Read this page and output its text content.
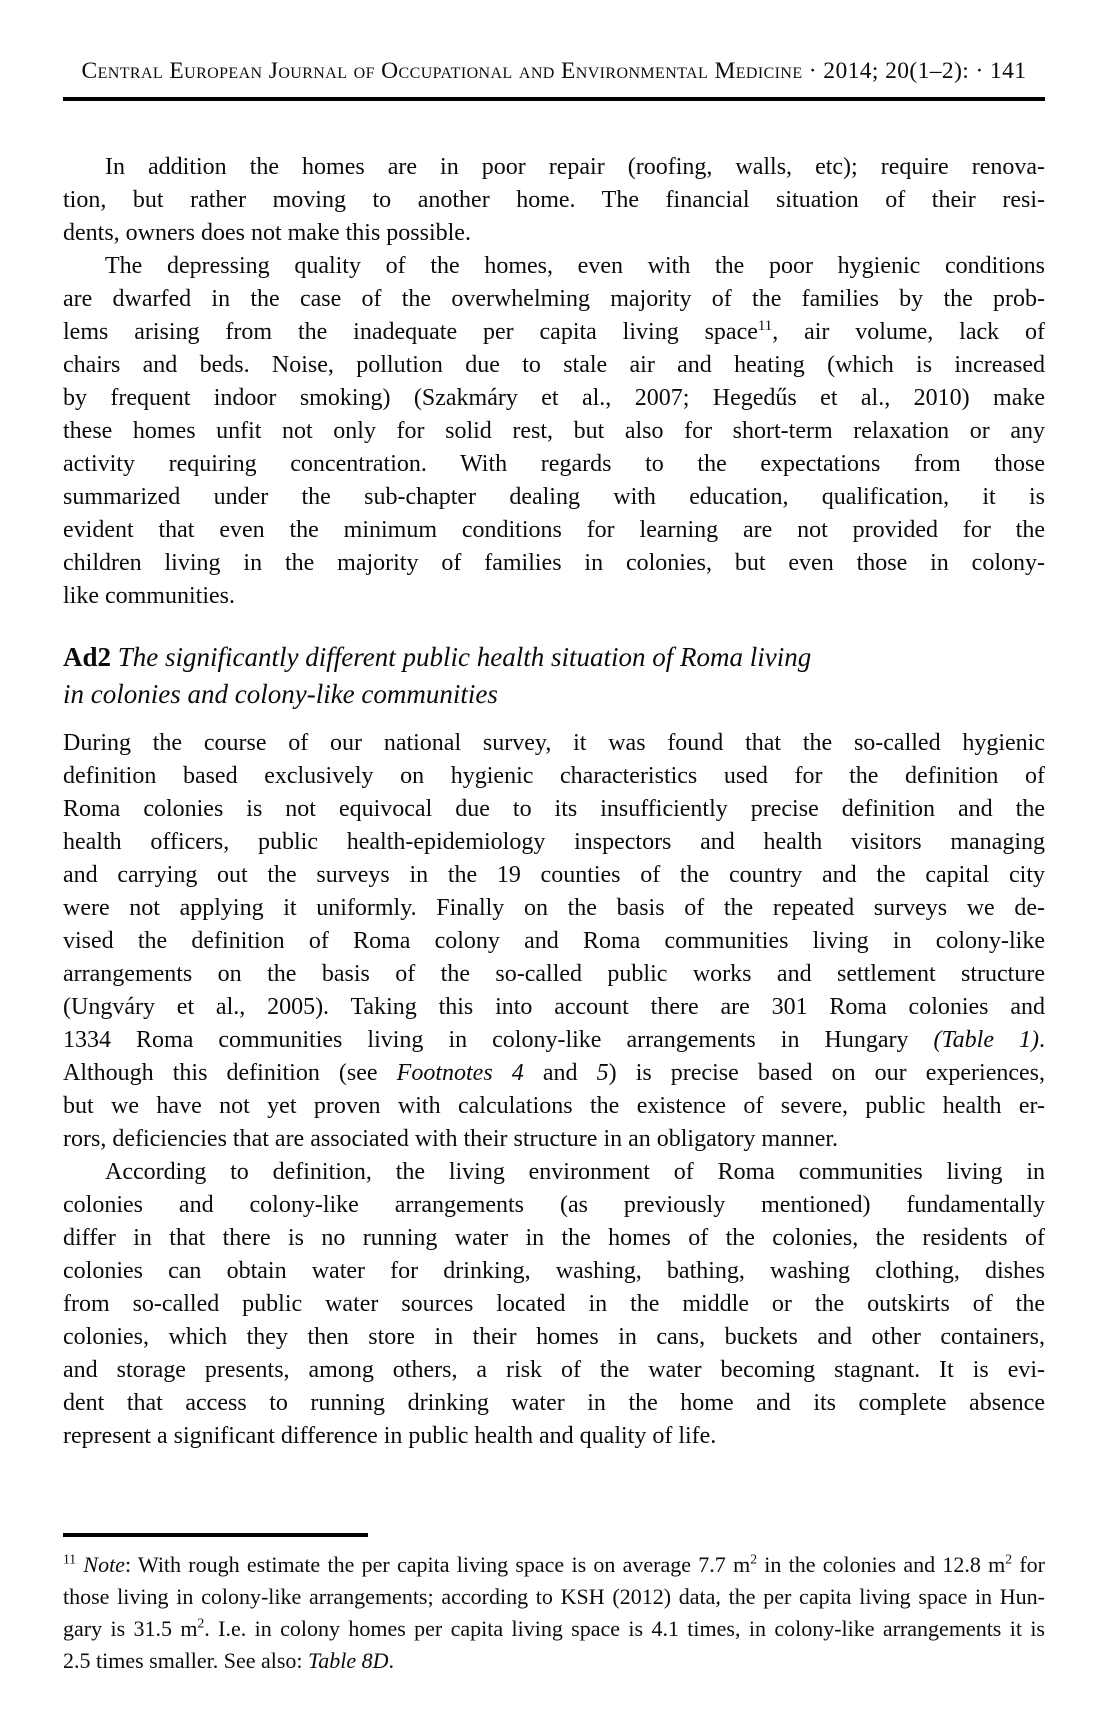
Central European Journal of Occupational and Environmental Medicine · 2014; 20(1–2): · 141
In addition the homes are in poor repair (roofing, walls, etc); require renova-
tion, but rather moving to another home. The financial situation of their resi-
dents, owners does not make this possible.
The depressing quality of the homes, even with the poor hygienic conditions
are dwarfed in the case of the overwhelming majority of the families by the prob-
lems arising from the inadequate per capita living space$^{11}$, air volume, lack of
chairs and beds. Noise, pollution due to stale air and heating (which is increased
by frequent indoor smoking) (Szakmáry et al., 2007; Hegedűs et al., 2010) make
these homes unfit not only for solid rest, but also for short-term relaxation or any
activity requiring concentration. With regards to the expectations from those
summarized under the sub-chapter dealing with education, qualification, it is
evident that even the minimum conditions for learning are not provided for the
children living in the majority of families in colonies, but even those in colony-
like communities.
Ad2 The significantly different public health situation of Roma living
in colonies and colony-like communities
During the course of our national survey, it was found that the so-called hygienic
definition based exclusively on hygienic characteristics used for the definition of
Roma colonies is not equivocal due to its insufficiently precise definition and the
health officers, public health-epidemiology inspectors and health visitors managing
and carrying out the surveys in the 19 counties of the country and the capital city
were not applying it uniformly. Finally on the basis of the repeated surveys we de-
vised the definition of Roma colony and Roma communities living in colony-like
arrangements on the basis of the so-called public works and settlement structure
(Ungváry et al., 2005). Taking this into account there are 301 Roma colonies and
1334 Roma communities living in colony-like arrangements in Hungary (Table 1).
Although this definition (see Footnotes 4 and 5) is precise based on our experiences,
but we have not yet proven with calculations the existence of severe, public health er-
rors, deficiencies that are associated with their structure in an obligatory manner.
According to definition, the living environment of Roma communities living in
colonies and colony-like arrangements (as previously mentioned) fundamentally
differ in that there is no running water in the homes of the colonies, the residents of
colonies can obtain water for drinking, washing, bathing, washing clothing, dishes
from so-called public water sources located in the middle or the outskirts of the
colonies, which they then store in their homes in cans, buckets and other containers,
and storage presents, among others, a risk of the water becoming stagnant. It is evi-
dent that access to running drinking water in the home and its complete absence
represent a significant difference in public health and quality of life.
$^{11}$ Note: With rough estimate the per capita living space is on average 7.7 $m^2$ in the colonies and 12.8 $m^2$ for
those living in colony-like arrangements; according to KSH (2012) data, the per capita living space in Hun-
gary is 31.5 $m^2$. I.e. in colony homes per capita living space is 4.1 times, in colony-like arrangements it is
2.5 times smaller. See also: Table 8D.
